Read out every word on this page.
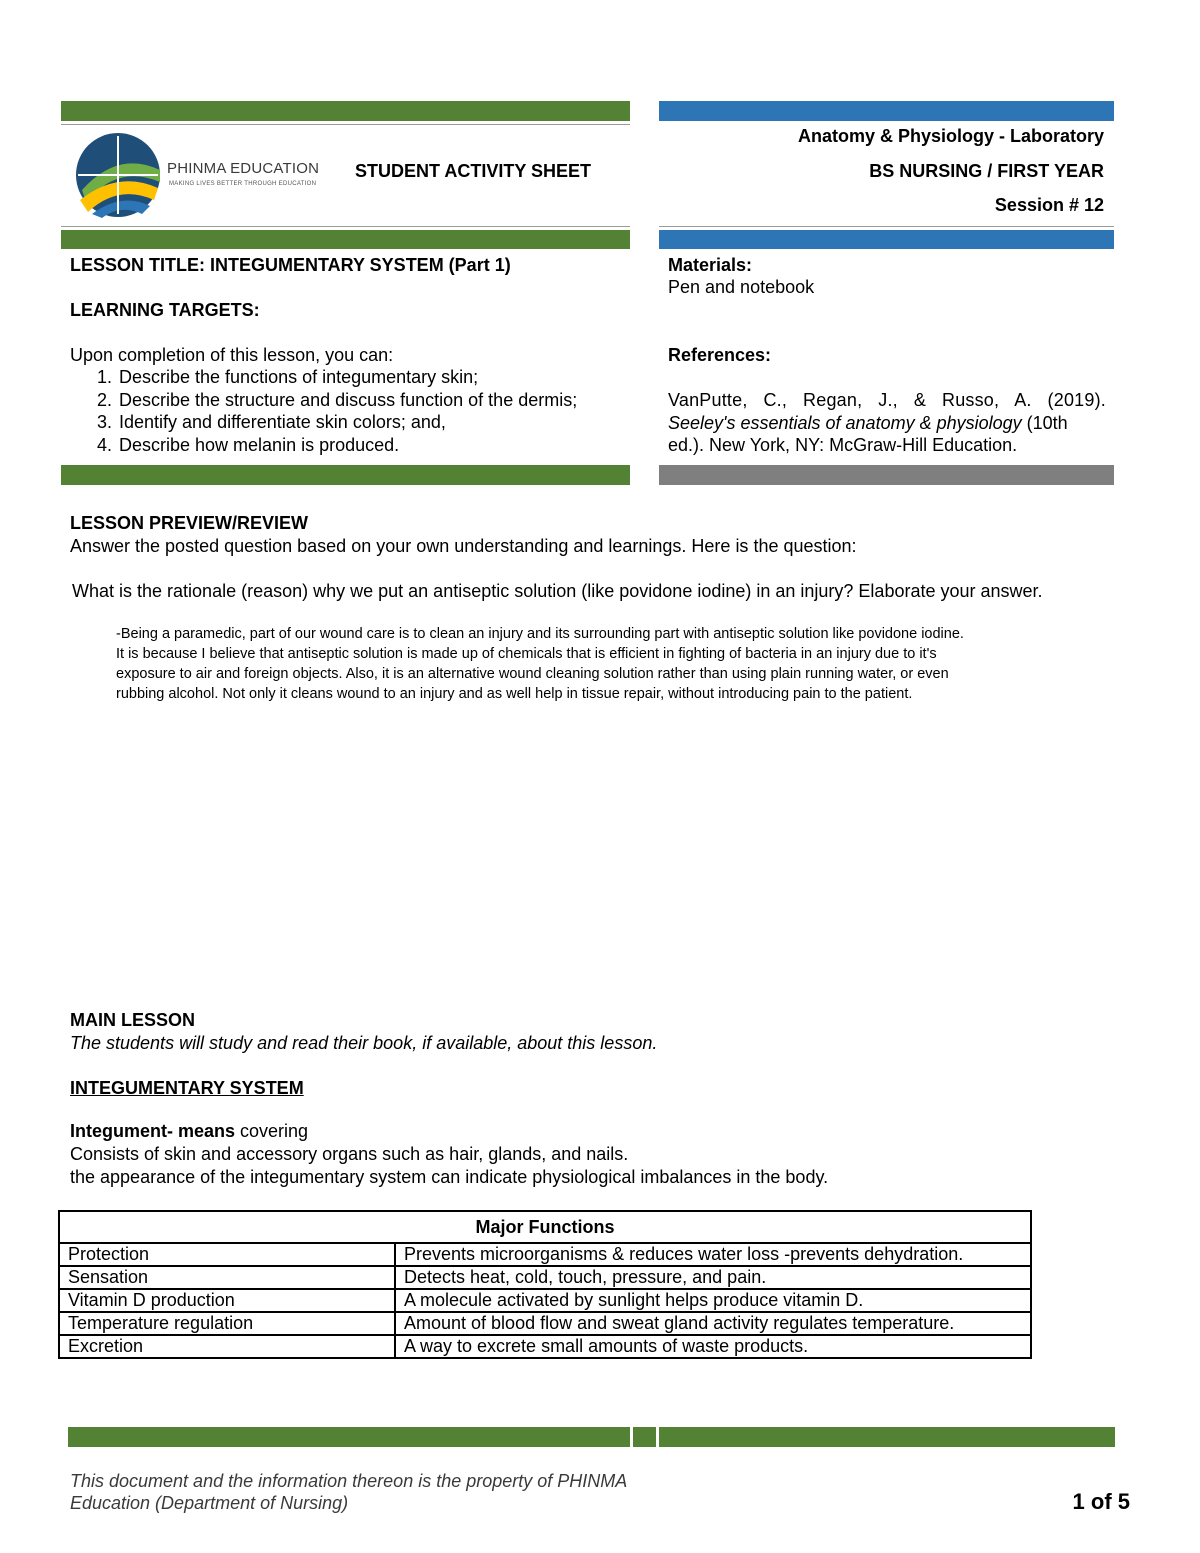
PHINMA EDUCATION
MAKING LIVES BETTER THROUGH EDUCATION
STUDENT ACTIVITY SHEET
Anatomy & Physiology - Laboratory
BS NURSING / FIRST YEAR
Session # 12
LESSON TITLE: INTEGUMENTARY SYSTEM (Part 1)
LEARNING TARGETS:
Upon completion of this lesson, you can:
1. Describe the functions of integumentary skin;
2. Describe the structure and discuss function of the dermis;
3. Identify and differentiate skin colors; and,
4. Describe how melanin is produced.
Materials:
Pen and notebook
References:
VanPutte, C., Regan, J., & Russo, A. (2019).
Seeley's essentials of anatomy & physiology (10th
ed.). New York, NY: McGraw-Hill Education.
LESSON PREVIEW/REVIEW
Answer the posted question based on your own understanding and learnings. Here is the question:
What is the rationale (reason) why we put an antiseptic solution (like povidone iodine) in an injury? Elaborate your answer.
-Being a paramedic, part of our wound care is to clean an injury and its surrounding part with antiseptic solution like povidone iodine.
It is because I believe that antiseptic solution is made up of chemicals that is efficient in fighting of bacteria in an injury due to it's
exposure to air and foreign objects. Also, it is an alternative wound cleaning solution rather than using plain running water, or even
rubbing alcohol. Not only it cleans wound to an injury and as well help in tissue repair, without introducing pain to the patient.
MAIN LESSON
The students will study and read their book, if available, about this lesson.
INTEGUMENTARY SYSTEM
Integument- means covering
Consists of skin and accessory organs such as hair, glands, and nails.
the appearance of the integumentary system can indicate physiological imbalances in the body.
Major Functions	
Protection	Prevents microorganisms & reduces water loss -prevents dehydration.
Sensation	Detects heat, cold, touch, pressure, and pain.
Vitamin D production	A molecule activated by sunlight helps produce vitamin D.
Temperature regulation	Amount of blood flow and sweat gland activity regulates temperature.
Excretion	A way to excrete small amounts of waste products.
This document and the information thereon is the property of PHINMA
Education (Department of Nursing)	1 of 5
